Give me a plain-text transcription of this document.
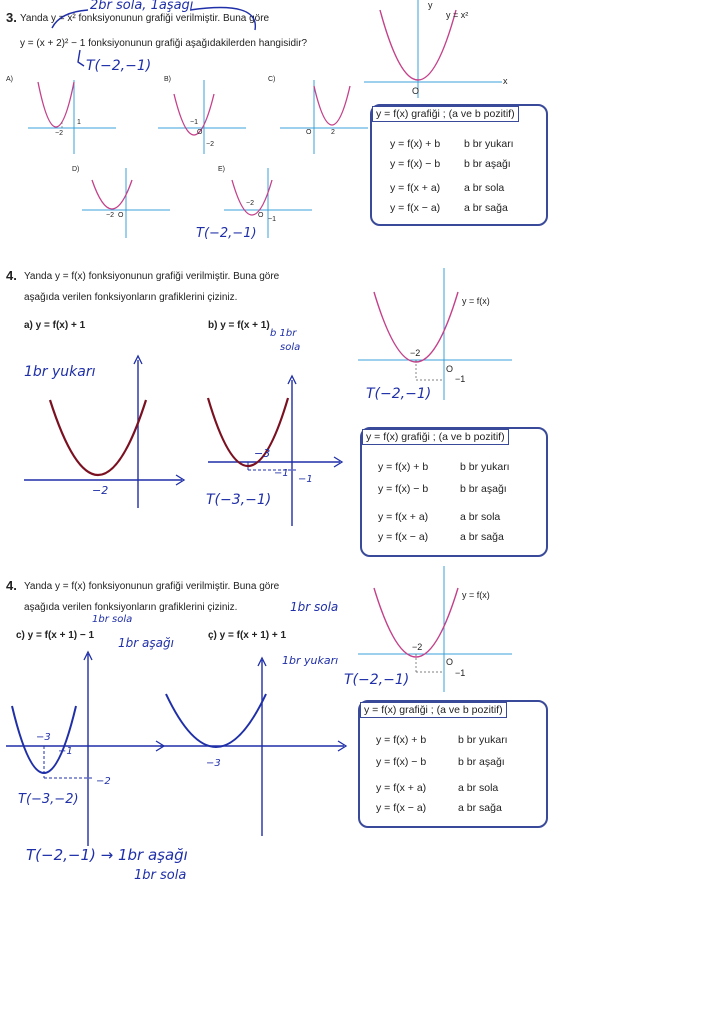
3. Yanda y = x² fonksiyonunun grafiği verilmiştir. Buna göre
y = (x + 2)² − 1 fonksiyonunun grafiği aşağıdakilerden hangisidir?
2br sola, 1aşağı
T(−2,−1)
A)
−2
1
B)
−1
O
−2
C)
O	2
D)
−2 O
E)
−2
O
−1
T(−2,−1)
y
y = x²
x
O
y = f(x) grafiği ; (a ve b pozitif)
y = f(x) + b b br yukarı
y = f(x) − b b br aşağı
y = f(x + a) a br sola
y = f(x − a) a br sağa
4. Yanda y = f(x) fonksiyonunun grafiği verilmiştir. Buna göre
aşağıda verilen fonksiyonların grafiklerini çiziniz.
a) y = f(x) + 1	b) y = f(x + 1)
1br yukarı
b 1br
sola
−2
−3
−1
−1
T(−3,−1)
y = f(x)
−2
O
−1
T(−2,−1)
y = f(x) grafiği ; (a ve b pozitif)
y = f(x) + b	b br yukarı
y = f(x) − b	b br aşağı
y = f(x + a)	a br sola
y = f(x − a)	a br sağa
4. Yanda y = f(x) fonksiyonunun grafiği verilmiştir. Buna göre
aşağıda verilen fonksiyonların grafiklerini çiziniz.
c) y = f(x + 1) − 1	ç) y = f(x + 1) + 1
1br sola
1br sola
1br aşağı
1br yukarı
−3
−1
−2
T(−3,−2)
−3
y = f(x)
−2
O
−1
T(−2,−1)
y = f(x) grafiği ; (a ve b pozitif)
y = f(x) + b	b br yukarı
y = f(x) − b	b br aşağı
y = f(x + a)	a br sola
y = f(x − a)	a br sağa
T(−2,−1) → 1br aşağı
1br sola
